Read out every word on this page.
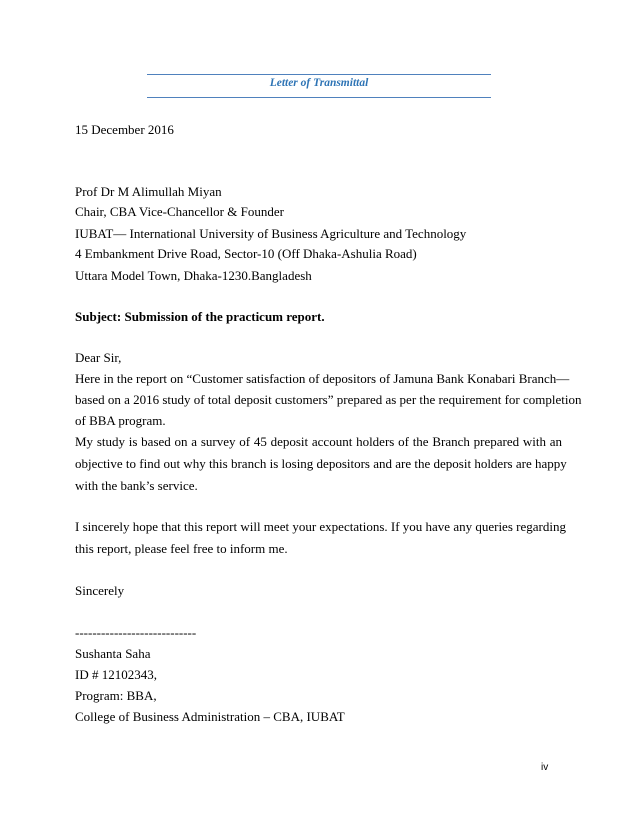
Letter of Transmittal
15 December 2016
Prof Dr M Alimullah Miyan
Chair, CBA Vice-Chancellor & Founder
IUBAT— International University of Business Agriculture and Technology
4 Embankment Drive Road, Sector-10 (Off Dhaka-Ashulia Road)
Uttara Model Town, Dhaka-1230.Bangladesh
Subject: Submission of the practicum report.
Dear Sir,
Here in the report on “Customer satisfaction of depositors of Jamuna Bank Konabari Branch—
based on a 2016 study of total deposit customers” prepared as per the requirement for completion
of BBA program.
My study is based on a survey of 45 deposit account holders of the Branch prepared with an
objective to find out why this branch is losing depositors and are the deposit holders are happy
with the bank’s service.
I sincerely hope that this report will meet your expectations. If you have any queries regarding
this report, please feel free to inform me.
Sincerely
----------------------------
Sushanta Saha
ID # 12102343,
Program: BBA,
College of Business Administration – CBA, IUBAT
iv
